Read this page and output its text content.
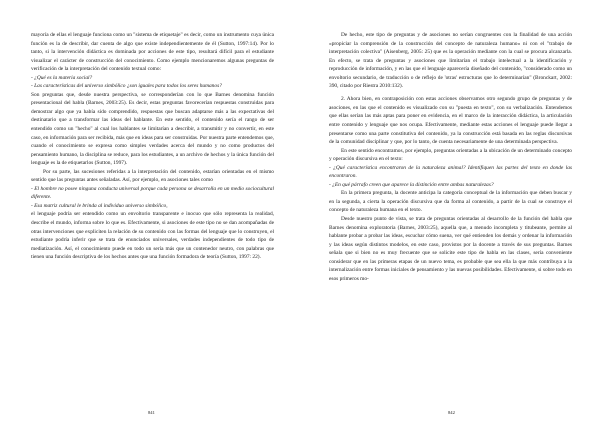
mayoría de ellas el lenguaje funciona como un "sistema de etiquetaje" es decir, como un instrumento cuya única función es la de describir, dar cuenta de algo que existe independientemente de él (Sutton, 1997:14). Por lo tanto, si la intervención didáctica es dominada por acciones de este tipo, resultará difícil para el estudiante visualizar el carácter de construcción del conocimiento. Como ejemplo mencionaremos algunas preguntas de verificación de la interpretación del contenido textual como:

- ¿Qué es la materia social?

- Las características del universo simbólico ¿son iguales para todos los seres humanos?

Son preguntas que, desde nuestra perspectiva, se corresponderían con lo que Barnes denomina función presentacional del habla (Barnes, 2003:25). Es decir, estas preguntas favorecerían respuestas construidas para demostrar algo que ya había sido comprendido, respuestas que buscan adaptarse más a las expectativas del destinatario que a transformar las ideas del hablante. En este sentido, el contenido sería el rango de ser entendido como un "hecho" al cual los hablantes se limitarían a describir, a transmitir y no convertir, en este caso, en información para ser recibida, más que en ideas para ser construidas. Por nuestra parte entendemos que, cuando el conocimiento se expresa como simples verdades acerca del mundo y no como productos del pensamiento humano, la disciplina se reduce, para los estudiantes, a un archivo de hechos y la única función del lenguaje es la de etiquetarlos (Sutton, 1997).

Por su parte, las sucesiones referidas a la interpretación del contenido, estarían orientadas en el mismo sentido que las preguntas antes señaladas. Así, por ejemplo, en asociones tales como

- El hombre no posee ninguna conducta universal porque cada persona se desarrolla en un medio sociocultural diferente.

- Esa matriz cultural le brinda al individuo universo simbólico,

el lenguaje podría ser entendido como un envoltorio transparente e inocuo que sólo representa la realidad, describe el mundo, informa sobre lo que es. Efectivamente, si asociones de este tipo no se dan acompañadas de otras intervenciones que expliciten la relación de su contenido con las formas del lenguaje que lo construyen, el estudiante podría inferir que se trata de enunciados universales, verdades independientes de todo tipo de mediatización. Así, el conocimiento puede en todo un sería más que un contenedor neutro, con palabras que tienen una función descriptiva de los hechos antes que una función formadora de teoría (Sutton, 1997: 22).

841

De hecho, este tipo de preguntas y de asociones no serían congruentes con la finalidad de una acción «propiciar la comprensión de la construcción del concepto de naturaleza humano» ni con el "trabajo de interpretación colectiva" (Aisenberg, 2005: 25) que es la operación mediante con la cual se procura alcanzarla. En efecto, se trata de preguntas y asociones que limitarían el trabajo intelectual a la identificación y reproducción de información, y en las que el lenguaje aparecería diseñado del contenido, "considerado como un envoltorio secundario, de traducción o de reflejo de 'otras' estructuras que lo determinarían" (Bronckart, 2002: 390, citado por Riestra 2010:132).

2. Ahora bien, en contraposición con estas acciones observamos otro segundo grupo de preguntas y de asociones, en las que el contenido es visualizado con su "puesta en texto", con su verbalización. Entendemos que ellas serían las más aptas para poner en evidencia, en el marco de la interacción didáctica, la articulación entre contenido y lenguaje que nos ocupa. Efectivamente, mediante estas acciones el lenguaje puede llegar a presentarse como una parte constitutiva del contenido, ya la construcción está basada en las reglas discursivas de la comunidad disciplinar y que, por lo tanto, de cuenta necesariamente de una determinada perspectiva.

En este sentido encontramos, por ejemplo, preguntas orientadas a la ubicación de un determinado concepto y operación discursiva en el texto:

- ¿Qué característica encontraron de la naturaleza animal? Identifiquen las partes del texto en donde las encontraron.

- ¿En qué párrafo creen que aparece la distinción entre ambas naturalezas?

En la primera pregunta, la docente anticipa la categoría conceptual de la información que deben buscar y en la segunda, a cierta la operación discursiva que da forma al contenido, a partir de la cual se construye el concepto de naturaleza humana en el texto.

Desde nuestro punto de vista, se trata de preguntas orientadas al desarrollo de la función del habla que Barnes denomina exploratoria (Barnes, 2003:25), aquella que, a menudo incompleta y titubeante, permite al hablante probar a probar las ideas, escuchar cómo suena, ver qué entienden los demás y ordenar la información y las ideas según distintos modelos, en este caso, provistos por la docente a través de sus preguntas. Barnes señala que si bien no es muy frecuente que se solicite este tipo de habla en las clases, sería conveniente considerar que en las primeras etapas de un nuevo tema, es probable que sea ella la que más contribuya a la internalización entre formas iniciales de pensamiento y las nuevas posibilidades. Efectivamente, si sobre todo en esos primeros mo-

842
